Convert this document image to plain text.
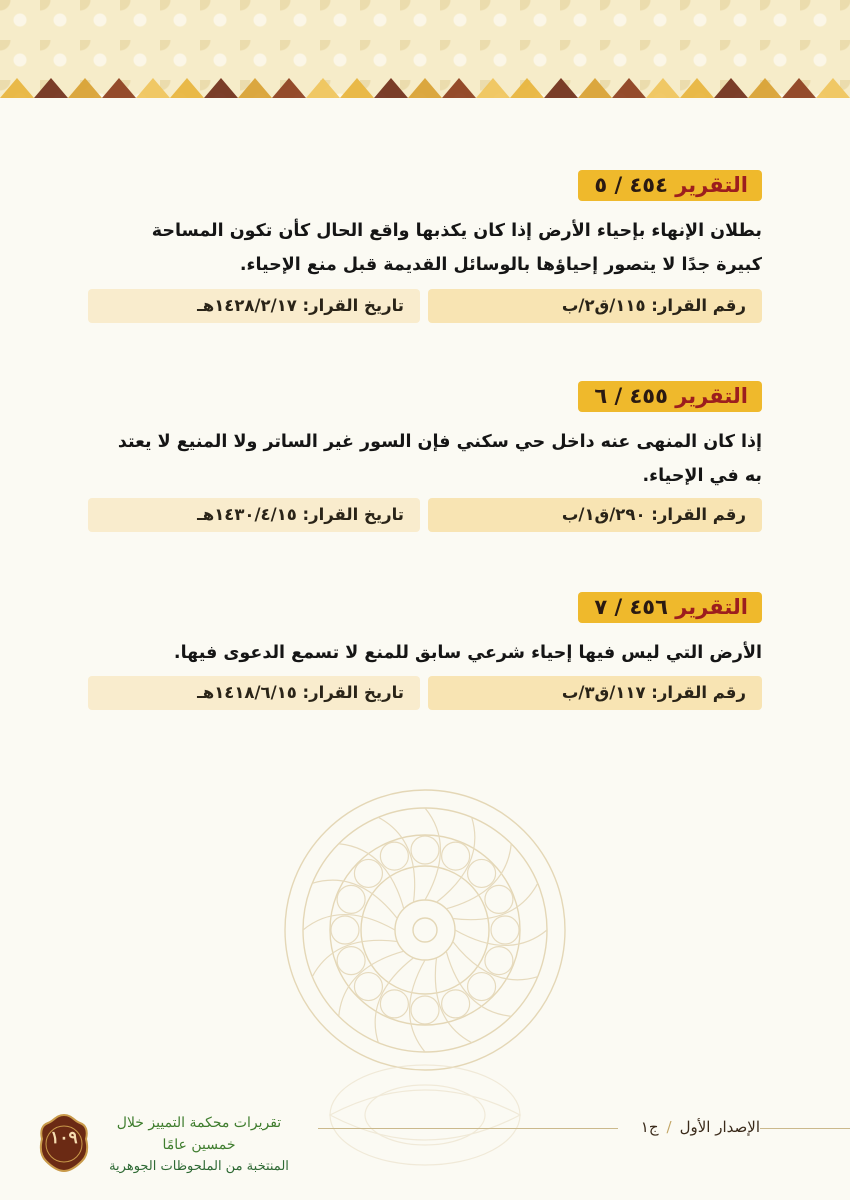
التقرير ٤٥٤ / ٥

بطلان الإنهاء بإحياء الأرض إذا كان يكذبها واقع الحال كأن تكون المساحة

كبيرة جدًا لا يتصور إحياؤها بالوسائل القديمة قبل منع الإحياء.

رقم القرار: ١١٥/ق٢/ب
تاريخ القرار: ١٤٢٨/٢/١٧هـ
التقرير ٤٥٥ / ٦

إذا كان المنهى عنه داخل حي سكني فإن السور غير الساتر ولا المنيع لا يعتد

به في الإحياء.

رقم القرار: ٢٩٠/ق١/ب
تاريخ القرار: ١٤٣٠/٤/١٥هـ
التقرير ٤٥٦ / ٧

الأرض التي ليس فيها إحياء شرعي سابق للمنع لا تسمع الدعوى فيها.

رقم القرار: ١١٧/ق٣/ب
تاريخ القرار: ١٤١٨/٦/١٥هـ
١٠٩
تقريرات محكمة التمييز خلال خمسين عامًا
المنتخبة من الملحوظات الجوهرية
الإصدار الأول
/
ج١
